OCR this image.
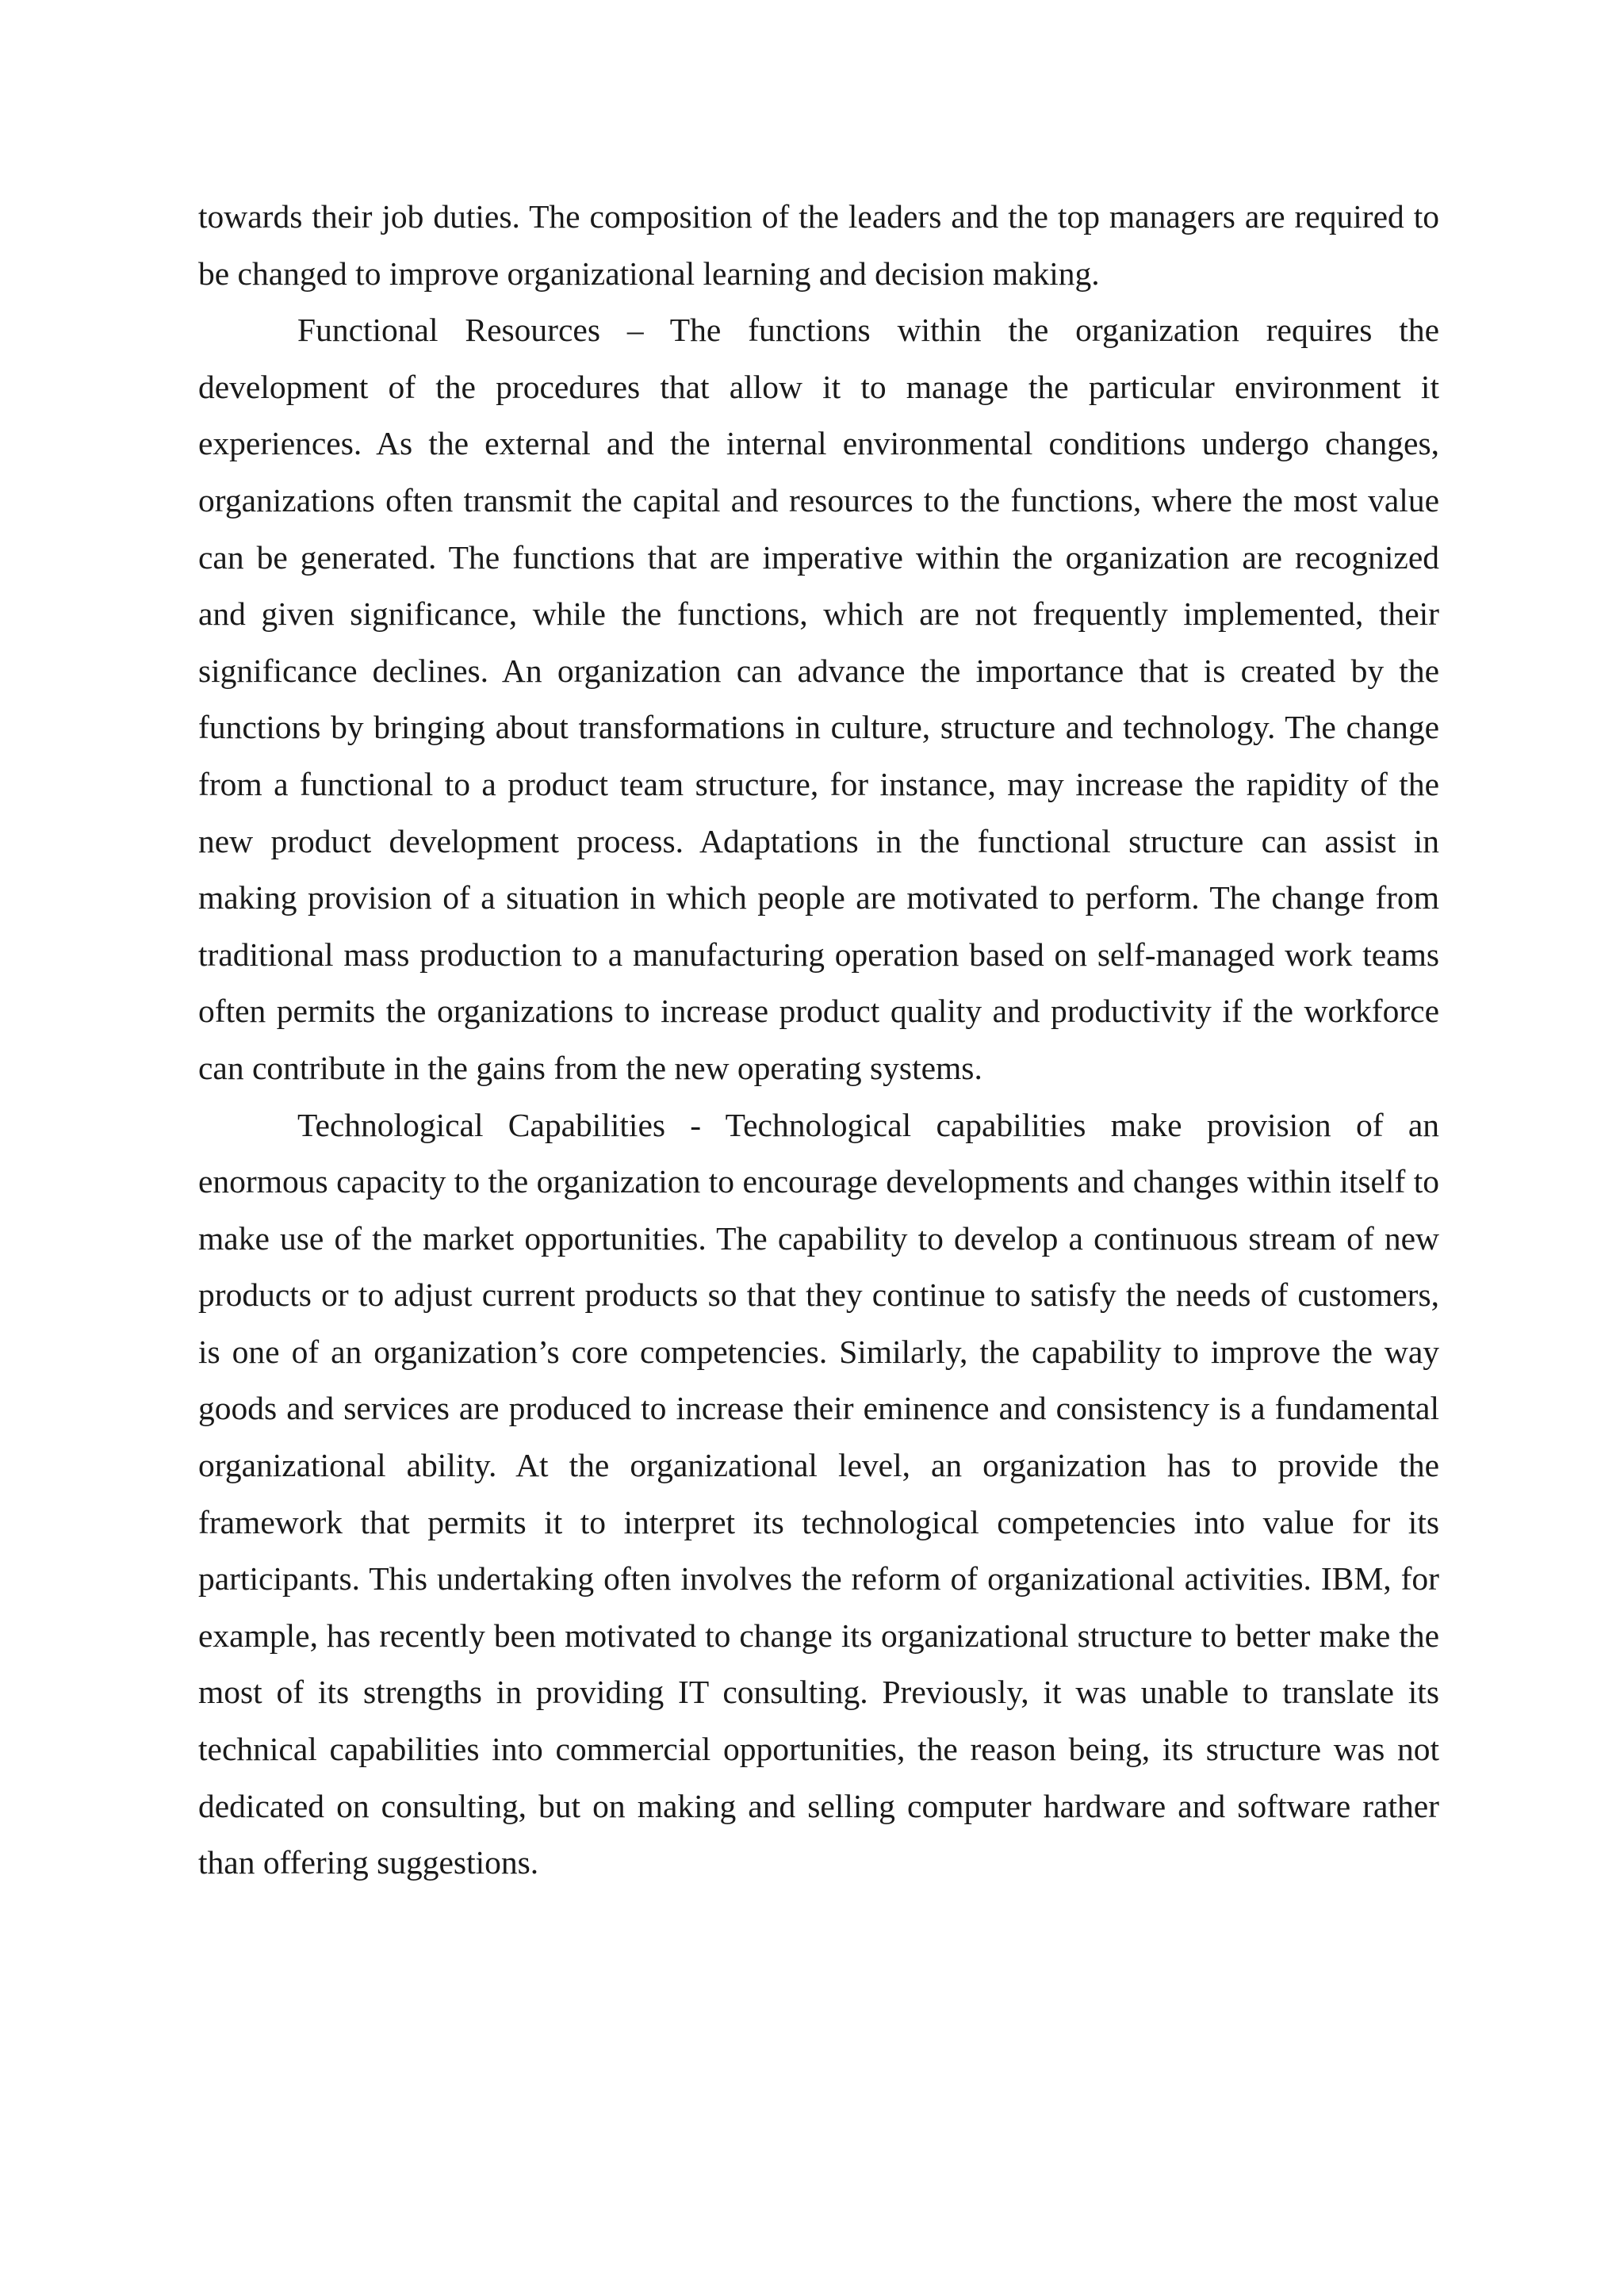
towards their job duties. The composition of the leaders and the top managers are required to be changed to improve organizational learning and decision making.

Functional Resources – The functions within the organization requires the development of the procedures that allow it to manage the particular environment it experiences. As the external and the internal environmental conditions undergo changes, organizations often transmit the capital and resources to the functions, where the most value can be generated. The functions that are imperative within the organization are recognized and given significance, while the functions, which are not frequently implemented, their significance declines. An organization can advance the importance that is created by the functions by bringing about transformations in culture, structure and technology. The change from a functional to a product team structure, for instance, may increase the rapidity of the new product development process. Adaptations in the functional structure can assist in making provision of a situation in which people are motivated to perform. The change from traditional mass production to a manufacturing operation based on self-managed work teams often permits the organizations to increase product quality and productivity if the workforce can contribute in the gains from the new operating systems.

Technological Capabilities - Technological capabilities make provision of an enormous capacity to the organization to encourage developments and changes within itself to make use of the market opportunities. The capability to develop a continuous stream of new products or to adjust current products so that they continue to satisfy the needs of customers, is one of an organization’s core competencies. Similarly, the capability to improve the way goods and services are produced to increase their eminence and consistency is a fundamental organizational ability. At the organizational level, an organization has to provide the framework that permits it to interpret its technological competencies into value for its participants. This undertaking often involves the reform of organizational activities. IBM, for example, has recently been motivated to change its organizational structure to better make the most of its strengths in providing IT consulting. Previously, it was unable to translate its technical capabilities into commercial opportunities, the reason being, its structure was not dedicated on consulting, but on making and selling computer hardware and software rather than offering suggestions.
